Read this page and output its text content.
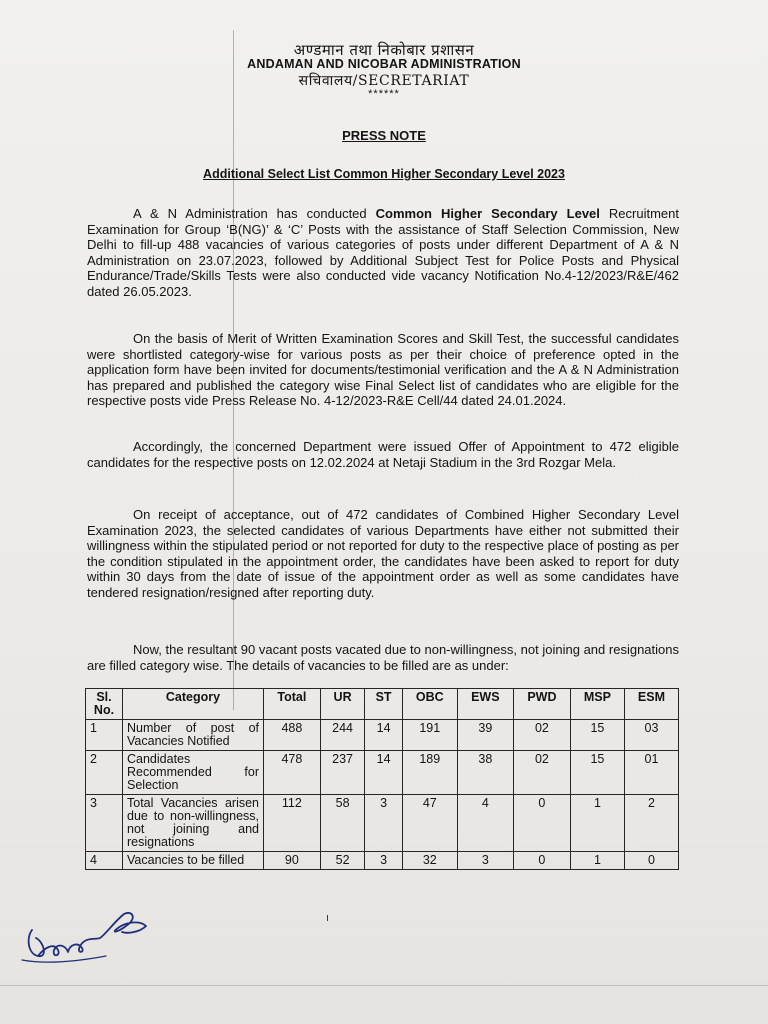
अण्डमान तथा निकोबार प्रशासन
ANDAMAN AND NICOBAR ADMINISTRATION
सचिवालय/SECRETARIAT
******
PRESS NOTE
Additional Select List Common Higher Secondary Level 2023

A & N Administration has conducted Common Higher Secondary Level Recruitment Examination for Group ‘B(NG)’ & ‘C’ Posts with the assistance of Staff Selection Commission, New Delhi to fill-up 488 vacancies of various categories of posts under different Department of A & N Administration on 23.07.2023, followed by Additional Subject Test for Police Posts and Physical Endurance/Trade/Skills Tests were also conducted vide vacancy Notification No.4-12/2023/R&E/462 dated 26.05.2023.

On the basis of Merit of Written Examination Scores and Skill Test, the successful candidates were shortlisted category-wise for various posts as per their choice of preference opted in the application form have been invited for documents/testimonial verification and the A & N Administration has prepared and published the category wise Final Select list of candidates who are eligible for the respective posts vide Press Release No. 4-12/2023-R&E Cell/44 dated 24.01.2024.

Accordingly, the concerned Department were issued Offer of Appointment to 472 eligible candidates for the respective posts on 12.02.2024 at Netaji Stadium in the 3rd Rozgar Mela.

On receipt of acceptance, out of 472 candidates of Combined Higher Secondary Level Examination 2023, the selected candidates of various Departments have either not submitted their willingness within the stipulated period or not reported for duty to the respective place of posting as per the condition stipulated in the appointment order, the candidates have been asked to report for duty within 30 days from the date of issue of the appointment order as well as some candidates have tendered resignation/resigned after reporting duty.

Now, the resultant 90 vacant posts vacated due to non-willingness, not joining and resignations are filled category wise. The details of vacancies to be filled are as under:

Sl. No.	Category	Total	UR	ST	OBC	EWS	PWD	MSP	ESM
1	Number of post of Vacancies Notified	488	244	14	191	39	02	15	03
2	Candidates Recommended for Selection	478	237	14	189	38	02	15	01
3	Total Vacancies arisen due to non-willingness, not joining and resignations	112	58	3	47	4	0	1	2
4	Vacancies to be filled	90	52	3	32	3	0	1	0
ı
